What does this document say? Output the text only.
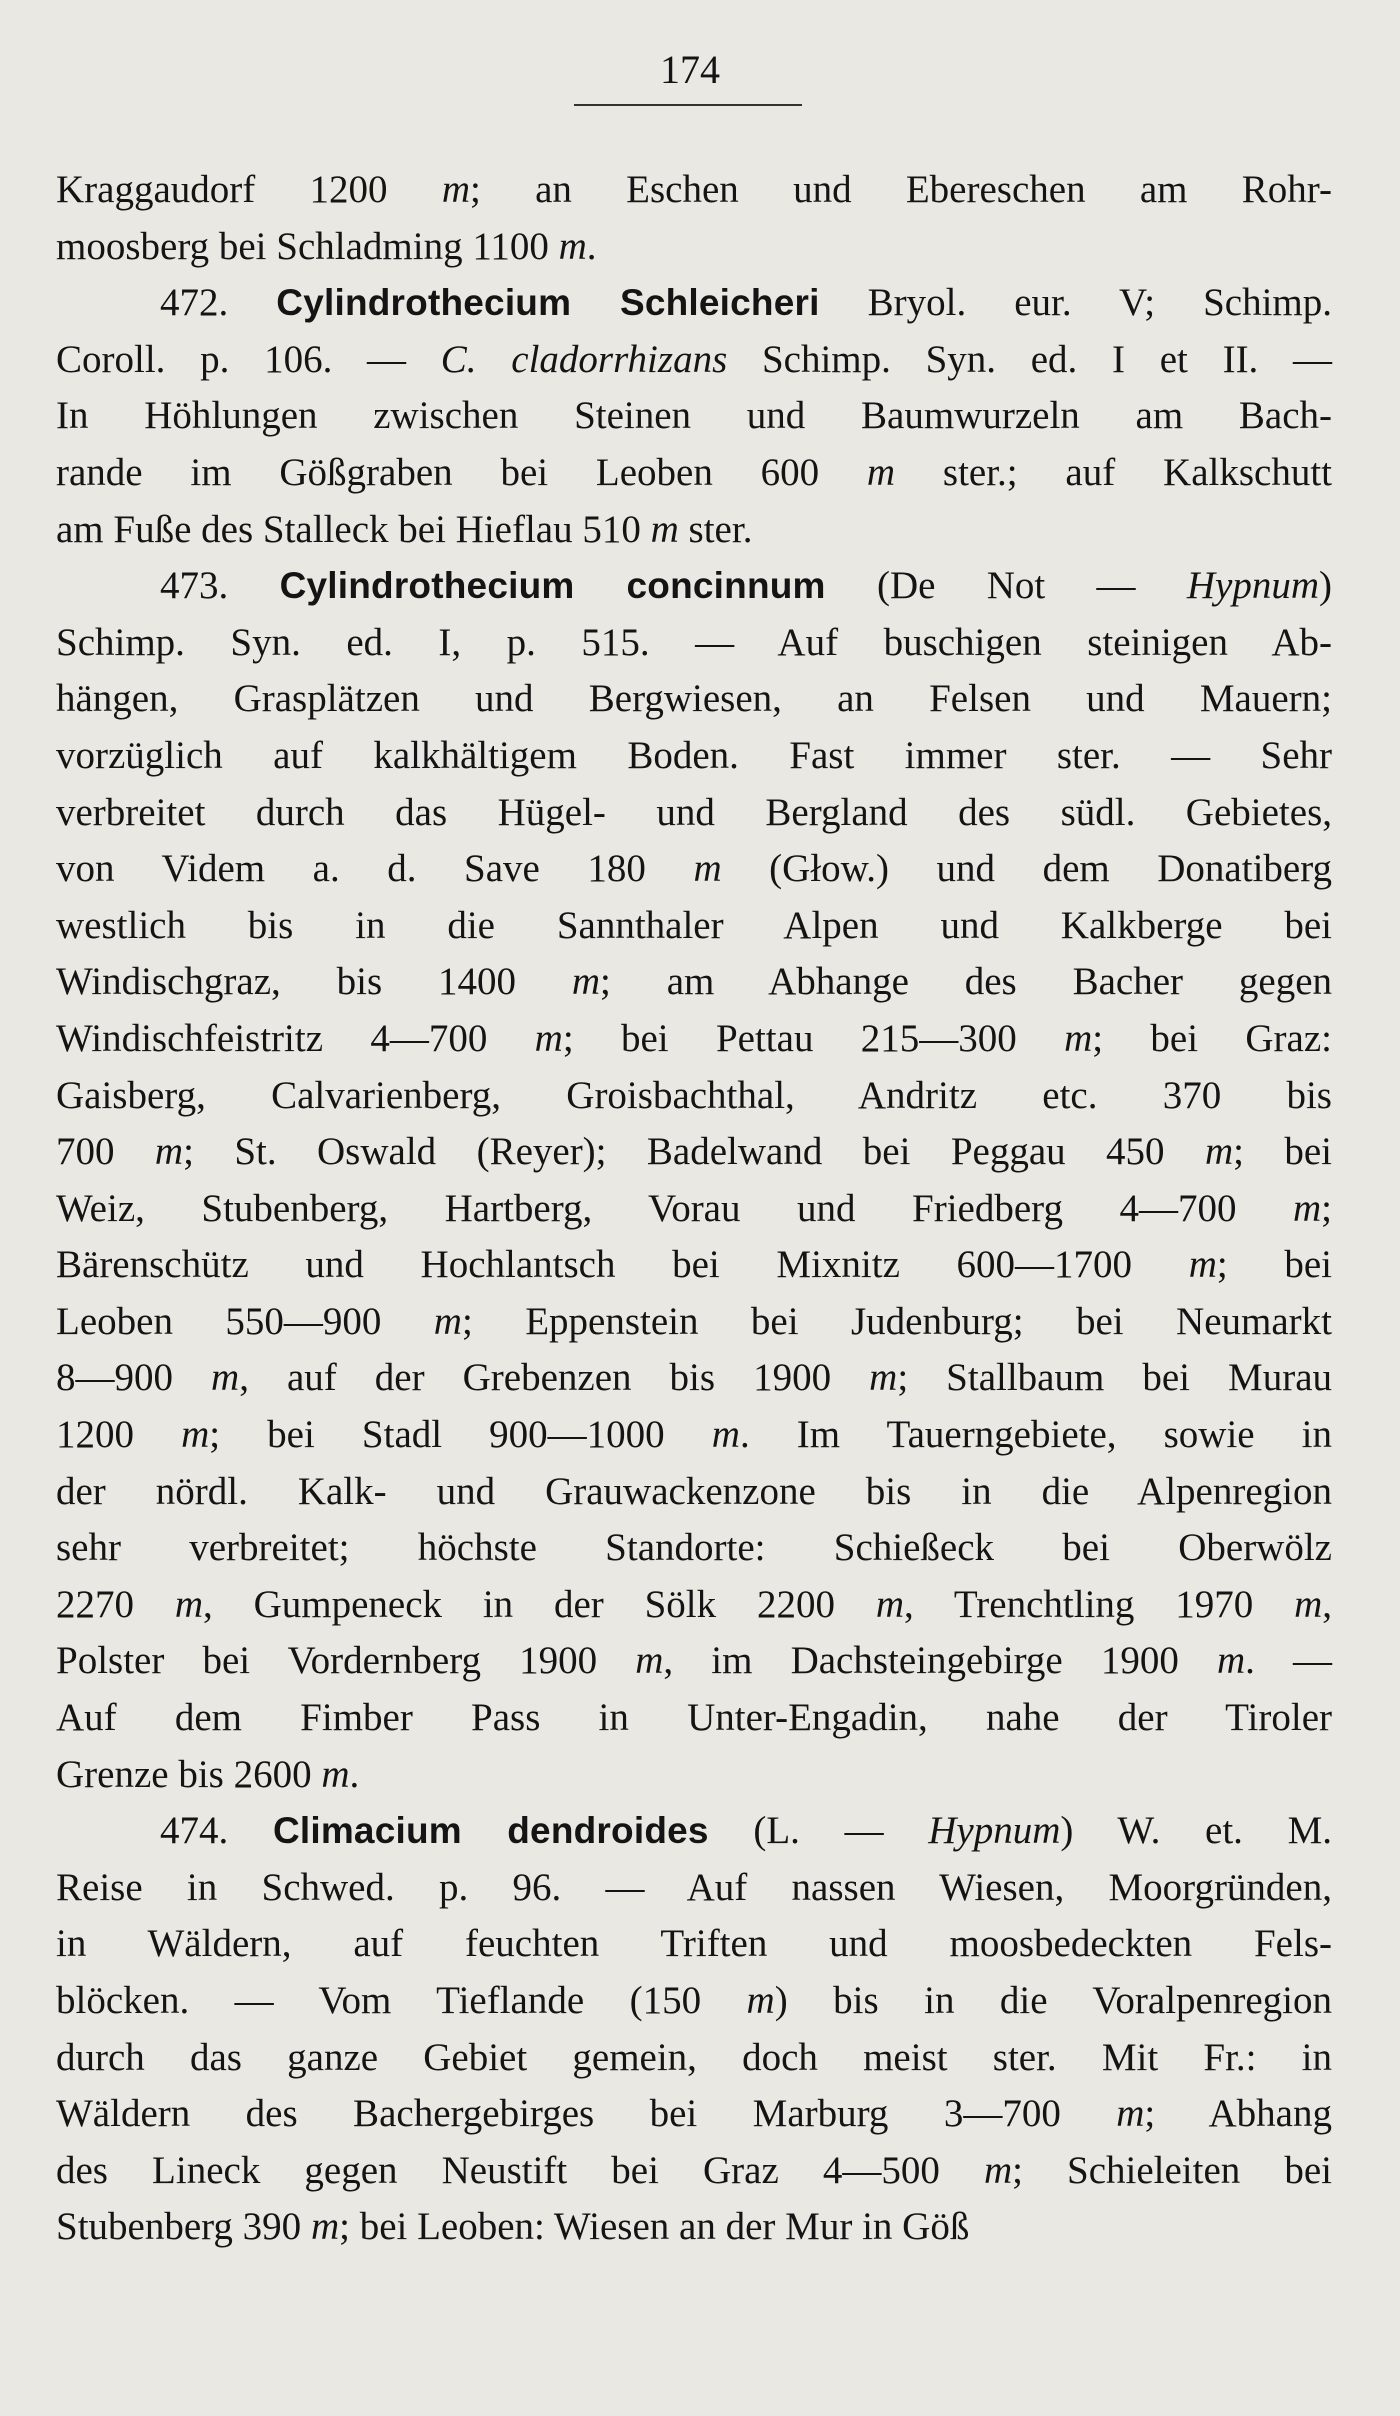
174

Kraggaudorf 1200 m; an Eschen und Ebereschen am Rohr-
moosberg bei Schladming 1100 m.

472. Cylindrothecium Schleicheri Bryol. eur. V; Schimp.
Coroll. p. 106. — C. cladorrhizans Schimp. Syn. ed. I et II. —
In Höhlungen zwischen Steinen und Baumwurzeln am Bach-
rande im Gößgraben bei Leoben 600 m ster.; auf Kalkschutt
am Fuße des Stalleck bei Hieflau 510 m ster.

473. Cylindrothecium concinnum (De Not — Hypnum)
Schimp. Syn. ed. I, p. 515. — Auf buschigen steinigen Ab-
hängen, Grasplätzen und Bergwiesen, an Felsen und Mauern;
vorzüglich auf kalkhältigem Boden. Fast immer ster. — Sehr
verbreitet durch das Hügel- und Bergland des südl. Gebietes,
von Videm a. d. Save 180 m (Głow.) und dem Donatiberg
westlich bis in die Sannthaler Alpen und Kalkberge bei
Windischgraz, bis 1400 m; am Abhange des Bacher gegen
Windischfeistritz 4—700 m; bei Pettau 215—300 m; bei Graz:
Gaisberg, Calvarienberg, Groisbachthal, Andritz etc. 370 bis
700 m; St. Oswald (Reyer); Badelwand bei Peggau 450 m; bei
Weiz, Stubenberg, Hartberg, Vorau und Friedberg 4—700 m;
Bärenschütz und Hochlantsch bei Mixnitz 600—1700 m; bei
Leoben 550—900 m; Eppenstein bei Judenburg; bei Neumarkt
8—900 m, auf der Grebenzen bis 1900 m; Stallbaum bei Murau
1200 m; bei Stadl 900—1000 m. Im Tauerngebiete, sowie in
der nördl. Kalk- und Grauwackenzone bis in die Alpenregion
sehr verbreitet; höchste Standorte: Schießeck bei Oberwölz
2270 m, Gumpeneck in der Sölk 2200 m, Trenchtling 1970 m,
Polster bei Vordernberg 1900 m, im Dachsteingebirge 1900 m. —
Auf dem Fimber Pass in Unter-Engadin, nahe der Tiroler
Grenze bis 2600 m.

474. Climacium dendroides (L. — Hypnum) W. et. M.
Reise in Schwed. p. 96. — Auf nassen Wiesen, Moorgründen,
in Wäldern, auf feuchten Triften und moosbedeckten Fels-
blöcken. — Vom Tieflande (150 m) bis in die Voralpenregion
durch das ganze Gebiet gemein, doch meist ster. Mit Fr.: in
Wäldern des Bachergebirges bei Marburg 3—700 m; Abhang
des Lineck gegen Neustift bei Graz 4—500 m; Schieleiten bei
Stubenberg 390 m; bei Leoben: Wiesen an der Mur in Göß
